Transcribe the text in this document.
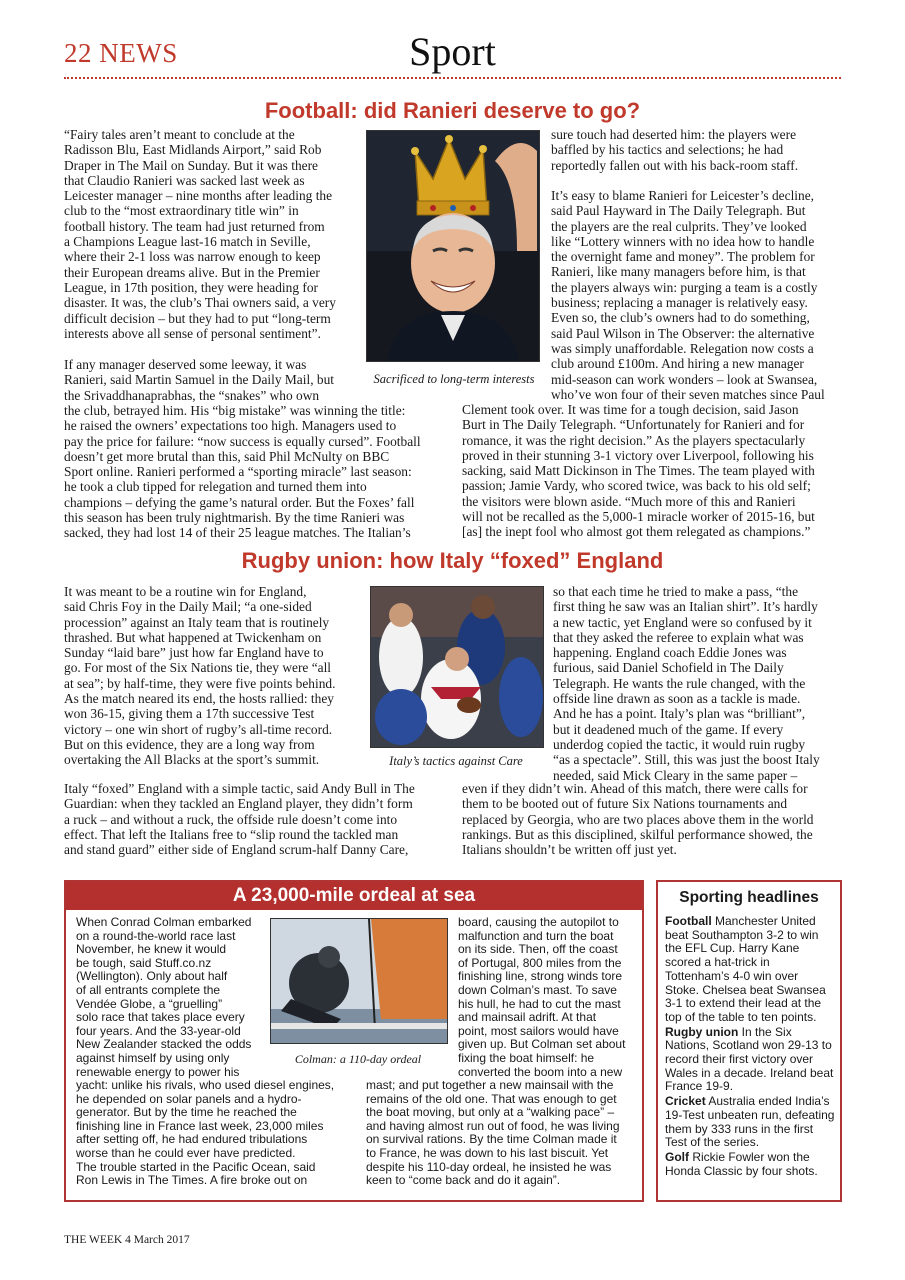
22 NEWS	Sport
Football: did Ranieri deserve to go?
“Fairy tales aren’t meant to conclude at the
Radisson Blu, East Midlands Airport,” said Rob
Draper in The Mail on Sunday. But it was there
that Claudio Ranieri was sacked last week as
Leicester manager – nine months after leading the
club to the “most extraordinary title win” in
football history. The team had just returned from
a Champions League last-16 match in Seville,
where their 2-1 loss was narrow enough to keep
their European dreams alive. But in the Premier
League, in 17th position, they were heading for
disaster. It was, the club’s Thai owners said, a very
difficult decision – but they had to put “long-term
interests above all sense of personal sentiment”.
Sacrificed to long-term interests
If any manager deserved some leeway, it was
Ranieri, said Martin Samuel in the Daily Mail, but
the Srivaddhanaprabhas, the “snakes” who own
the club, betrayed him. His “big mistake” was winning the title:
he raised the owners’ expectations too high. Managers used to
pay the price for failure: “now success is equally cursed”. Football
doesn’t get more brutal than this, said Phil McNulty on BBC
Sport online. Ranieri performed a “sporting miracle” last season:
he took a club tipped for relegation and turned them into
champions – defying the game’s natural order. But the Foxes’ fall
this season has been truly nightmarish. By the time Ranieri was
sacked, they had lost 14 of their 25 league matches. The Italian’s
sure touch had deserted him: the players were
baffled by his tactics and selections; he had
reportedly fallen out with his back-room staff.
It’s easy to blame Ranieri for Leicester’s decline,
said Paul Hayward in The Daily Telegraph. But
the players are the real culprits. They’ve looked
like “Lottery winners with no idea how to handle
the overnight fame and money”. The problem for
Ranieri, like many managers before him, is that
the players always win: purging a team is a costly
business; replacing a manager is relatively easy.
Even so, the club’s owners had to do something,
said Paul Wilson in The Observer: the alternative
was simply unaffordable. Relegation now costs a
club around £100m. And hiring a new manager
mid-season can work wonders – look at Swansea,
who’ve won four of their seven matches since Paul
Clement took over. It was time for a tough decision, said Jason
Burt in The Daily Telegraph. “Unfortunately for Ranieri and for
romance, it was the right decision.” As the players spectacularly
proved in their stunning 3-1 victory over Liverpool, following his
sacking, said Matt Dickinson in The Times. The team played with
passion; Jamie Vardy, who scored twice, was back to his old self;
the visitors were blown aside. “Much more of this and Ranieri
will not be recalled as the 5,000-1 miracle worker of 2015-16, but
[as] the inept fool who almost got them relegated as champions.”
Rugby union: how Italy “foxed” England
It was meant to be a routine win for England,
said Chris Foy in the Daily Mail; “a one-sided
procession” against an Italy team that is routinely
thrashed. But what happened at Twickenham on
Sunday “laid bare” just how far England have to
go. For most of the Six Nations tie, they were “all
at sea”; by half-time, they were five points behind.
As the match neared its end, the hosts rallied: they
won 36-15, giving them a 17th successive Test
victory – one win short of rugby’s all-time record.
But on this evidence, they are a long way from
overtaking the All Blacks at the sport’s summit.	Italy’s tactics against Care
Italy “foxed” England with a simple tactic, said Andy Bull in The
Guardian: when they tackled an England player, they didn’t form
a ruck – and without a ruck, the offside rule doesn’t come into
effect. That left the Italians free to “slip round the tackled man
and stand guard” either side of England scrum-half Danny Care,
so that each time he tried to make a pass, “the
first thing he saw was an Italian shirt”. It’s hardly
a new tactic, yet England were so confused by it
that they asked the referee to explain what was
happening. England coach Eddie Jones was
furious, said Daniel Schofield in The Daily
Telegraph. He wants the rule changed, with the
offside line drawn as soon as a tackle is made.
And he has a point. Italy’s plan was “brilliant”,
but it deadened much of the game. If every
underdog copied the tactic, it would ruin rugby
“as a spectacle”. Still, this was just the boost Italy
needed, said Mick Cleary in the same paper –
even if they didn’t win. Ahead of this match, there were calls for
them to be booted out of future Six Nations tournaments and
replaced by Georgia, who are two places above them in the world
rankings. But as this disciplined, skilful performance showed, the
Italians shouldn’t be written off just yet.
A 23,000-mile ordeal at sea
When Conrad Colman embarked
on a round-the-world race last
November, he knew it would
be tough, said Stuff.co.nz
(Wellington). Only about half
of all entrants complete the
Vendée Globe, a “gruelling”
solo race that takes place every
four years. And the 33-year-old
New Zealander stacked the odds
against himself by using only
renewable energy to power his
Colman: a 110-day ordeal
yacht: unlike his rivals, who used diesel engines,
he depended on solar panels and a hydro-
generator. But by the time he reached the
finishing line in France last week, 23,000 miles
after setting off, he had endured tribulations
worse than he could ever have predicted.
The trouble started in the Pacific Ocean, said
Ron Lewis in The Times. A fire broke out on
board, causing the autopilot to
malfunction and turn the boat
on its side. Then, off the coast
of Portugal, 800 miles from the
finishing line, strong winds tore
down Colman’s mast. To save
his hull, he had to cut the mast
and mainsail adrift. At that
point, most sailors would have
given up. But Colman set about
fixing the boat himself: he
converted the boom into a new
mast; and put together a new mainsail with the
remains of the old one. That was enough to get
the boat moving, but only at a “walking pace” –
and having almost run out of food, he was living
on survival rations. By the time Colman made it
to France, he was down to his last biscuit. Yet
despite his 110-day ordeal, he insisted he was
keen to “come back and do it again”.
Sporting headlines
Football Manchester United beat Southampton 3-2 to win the EFL Cup. Harry Kane scored a hat-trick in Tottenham’s 4-0 win over Stoke. Chelsea beat Swansea 3-1 to extend their lead at the top of the table to ten points.
Rugby union In the Six Nations, Scotland won 29-13 to record their first victory over Wales in a decade. Ireland beat France 19-9.
Cricket Australia ended India’s 19-Test unbeaten run, defeating them by 333 runs in the first Test of the series.
Golf Rickie Fowler won the Honda Classic by four shots.
THE WEEK 4 March 2017
